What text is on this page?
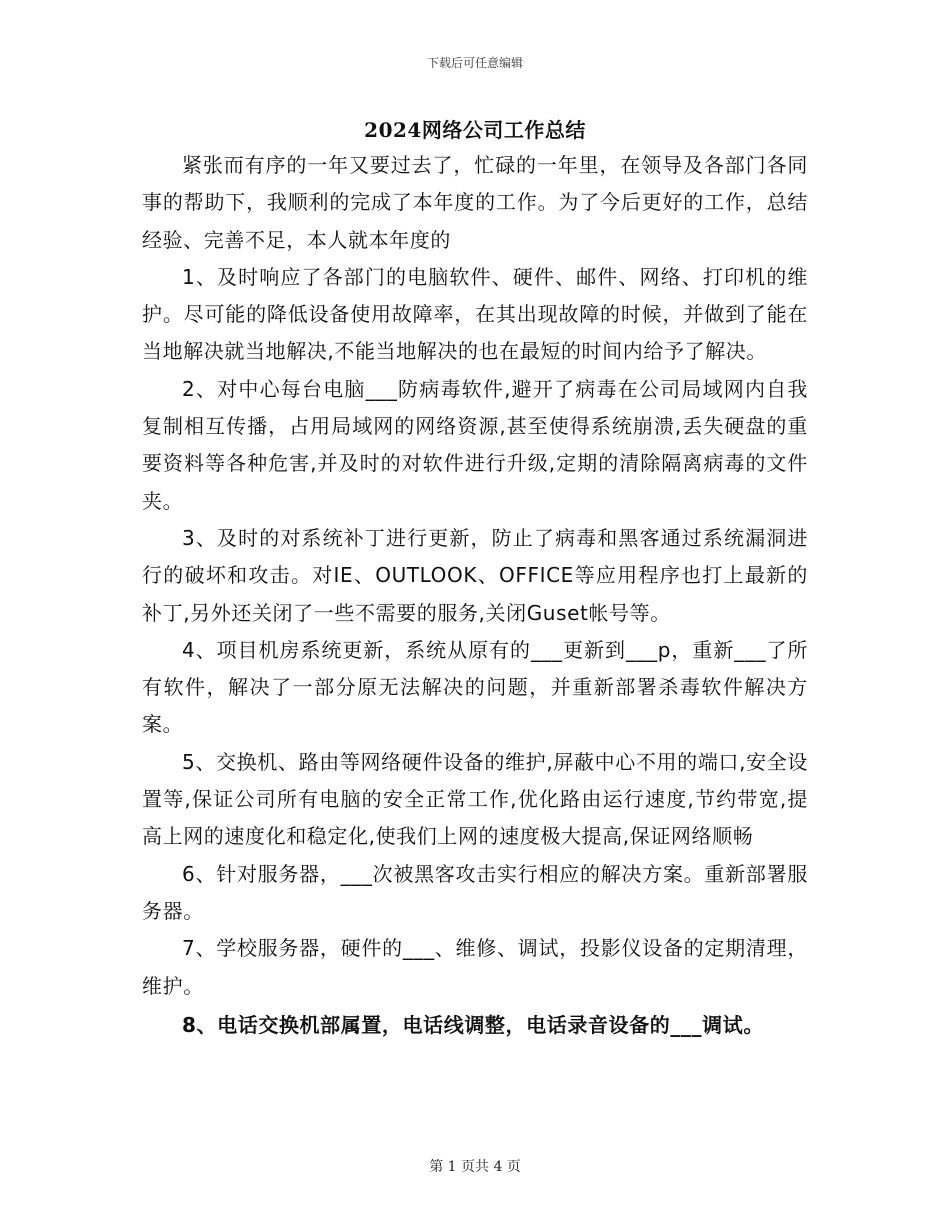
下载后可任意编辑
2024网络公司工作总结

紧张而有序的一年又要过去了，忙碌的一年里，在领导及各部门各同事的帮助下，我顺利的完成了本年度的工作。为了今后更好的工作，总结经验、完善不足，本人就本年度的

1、及时响应了各部门的电脑软件、硬件、邮件、网络、打印机的维护。尽可能的降低设备使用故障率，在其出现故障的时候，并做到了能在当地解决就当地解决,不能当地解决的也在最短的时间内给予了解决。

2、对中心每台电脑___防病毒软件,避开了病毒在公司局域网内自我复制相互传播，占用局域网的网络资源,甚至使得系统崩溃,丢失硬盘的重要资料等各种危害,并及时的对软件进行升级,定期的清除隔离病毒的文件夹。

3、及时的对系统补丁进行更新，防止了病毒和黑客通过系统漏洞进行的破坏和攻击。对IE、OUTLOOK、OFFICE等应用程序也打上最新的补丁,另外还关闭了一些不需要的服务,关闭Guset帐号等。

4、项目机房系统更新，系统从原有的___更新到___p，重新___了所有软件，解决了一部分原无法解决的问题，并重新部署杀毒软件解决方案。

5、交换机、路由等网络硬件设备的维护,屏蔽中心不用的端口,安全设置等,保证公司所有电脑的安全正常工作,优化路由运行速度,节约带宽,提高上网的速度化和稳定化,使我们上网的速度极大提高,保证网络顺畅

6、针对服务器，___次被黑客攻击实行相应的解决方案。重新部署服务器。

7、学校服务器，硬件的___、维修、调试，投影仪设备的定期清理，维护。

8、电话交换机部属置，电话线调整，电话录音设备的___调试。

第 1 页共 4 页
